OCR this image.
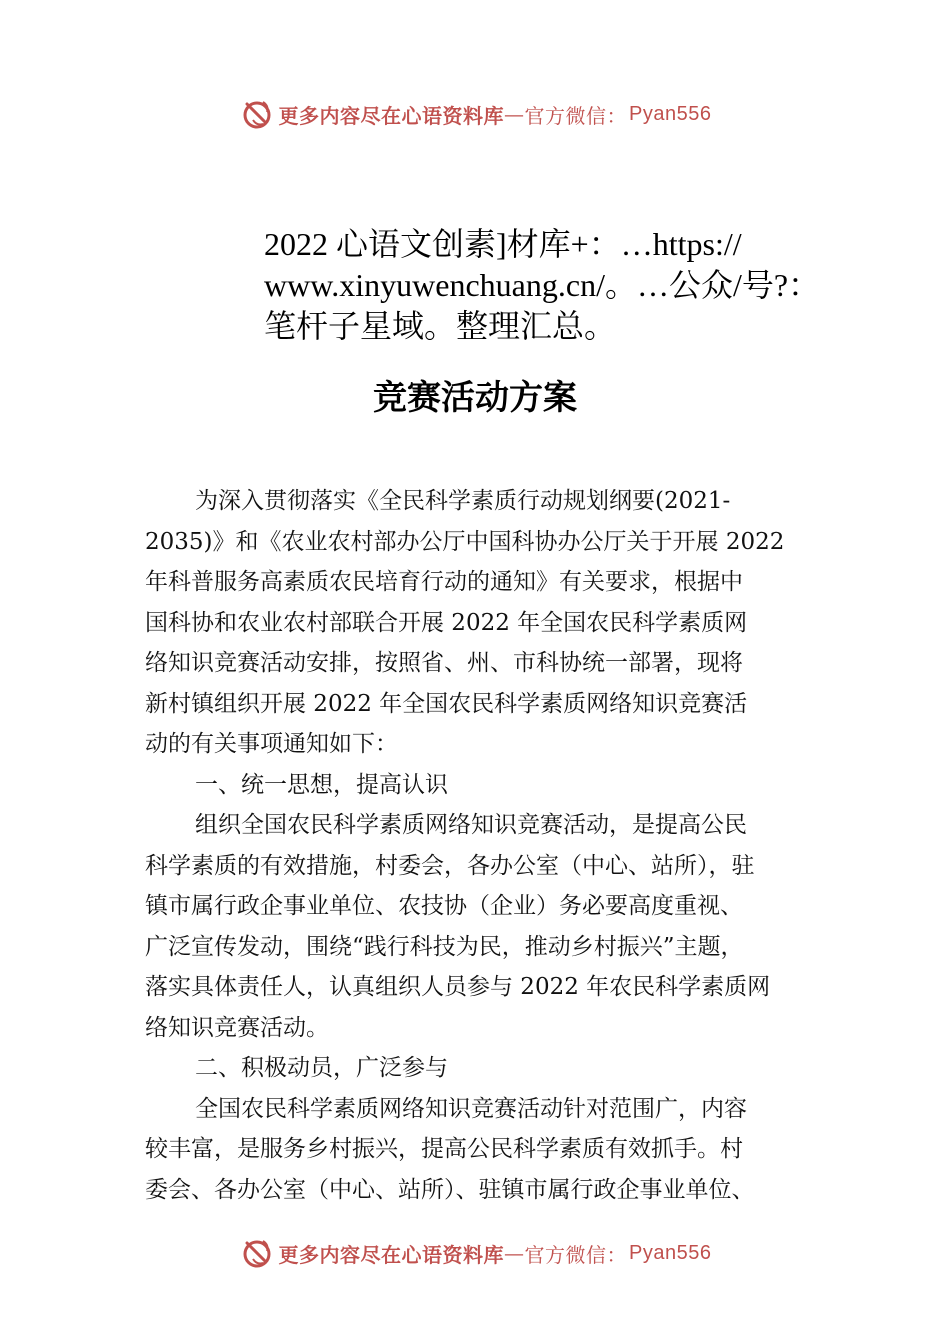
更多内容尽在心语资料库 — 官方微信： Pyan556
2022 心语文创素]材库+：…https://
www.xinyuwenchuang.cn/。…公众/号?：
笔杆子星域。整理汇总。
竞赛活动方案
为深入贯彻落实《全民科学素质行动规划纲要(2021-
2035)》和《农业农村部办公厅中国科协办公厅关于开展 2022
年科普服务高素质农民培育行动的通知》有关要求，根据中
国科协和农业农村部联合开展 2022 年全国农民科学素质网
络知识竞赛活动安排，按照省、州、市科协统一部署，现将
新村镇组织开展 2022 年全国农民科学素质网络知识竞赛活
动的有关事项通知如下：
一、统一思想，提高认识
组织全国农民科学素质网络知识竞赛活动，是提高公民
科学素质的有效措施，村委会，各办公室（中心、站所），驻
镇市属行政企事业单位、农技协（企业）务必要高度重视、
广泛宣传发动，围绕“践行科技为民，推动乡村振兴”主题，
落实具体责任人，认真组织人员参与 2022 年农民科学素质网
络知识竞赛活动。
二、积极动员，广泛参与
全国农民科学素质网络知识竞赛活动针对范围广，内容
较丰富，是服务乡村振兴，提高公民科学素质有效抓手。村
委会、各办公室（中心、站所）、驻镇市属行政企事业单位、
更多内容尽在心语资料库 — 官方微信： Pyan556
